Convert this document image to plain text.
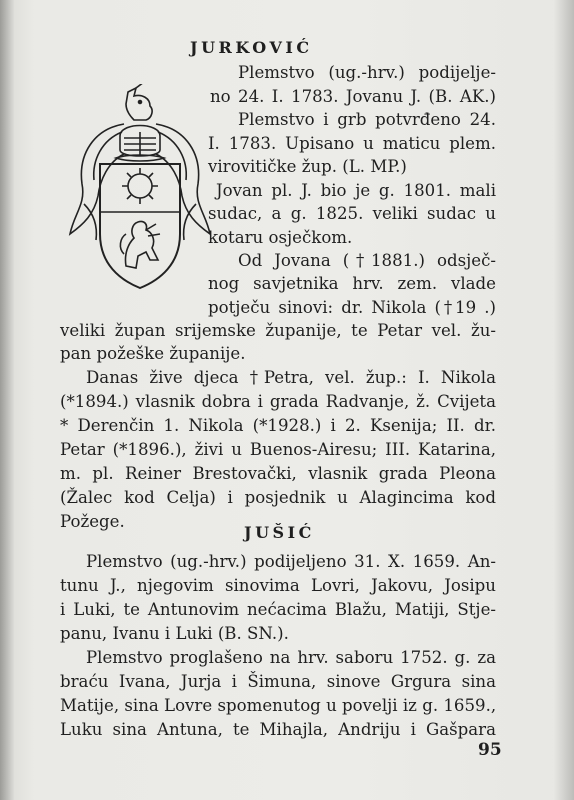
JURKOVIĆ
Plemstvo (ug.-hrv.) podijelje-
no 24. I. 1783. Jovanu J. (B. AK.)
Plemstvo i grb potvrđeno 24.
I. 1783. Upisano u maticu plem.
virovitičke žup. (L. MP.)
Jovan pl. J. bio je g. 1801. mali
sudac, a g. 1825. veliki sudac u
kotaru osječkom.
Od Jovana (†1881.) odsječ-
nog savjetnika hrv. zem. vlade
potječu sinovi: dr. Nikola (†19 .)
veliki župan srijemske županije, te Petar vel. žu-
pan požeške županije.
Danas žive djeca †Petra, vel. žup.: I. Nikola
(*1894.) vlasnik dobra i grada Radvanje, ž. Cvijeta
* Derenčin 1. Nikola (*1928.) i 2. Ksenija; II. dr.
Petar (*1896.), živi u Buenos-Airesu; III. Katarina,
m. pl. Reiner Brestovački, vlasnik grada Pleona
(Žalec kod Celja) i posjednik u Alagincima kod
Požege.
JUŠIĆ
Plemstvo (ug.-hrv.) podijeljeno 31. X. 1659. An-
tunu J., njegovim sinovima Lovri, Jakovu, Josipu
i Luki, te Antunovim nećacima Blažu, Matiji, Stje-
panu, Ivanu i Luki (B. SN.).
Plemstvo proglašeno na hrv. saboru 1752. g. za
braću Ivana, Jurja i Šimuna, sinove Grgura sina
Matije, sina Lovre spomenutog u povelji iz g. 1659.,
Luku sina Antuna, te Mihajla, Andriju i Gašpara
95
